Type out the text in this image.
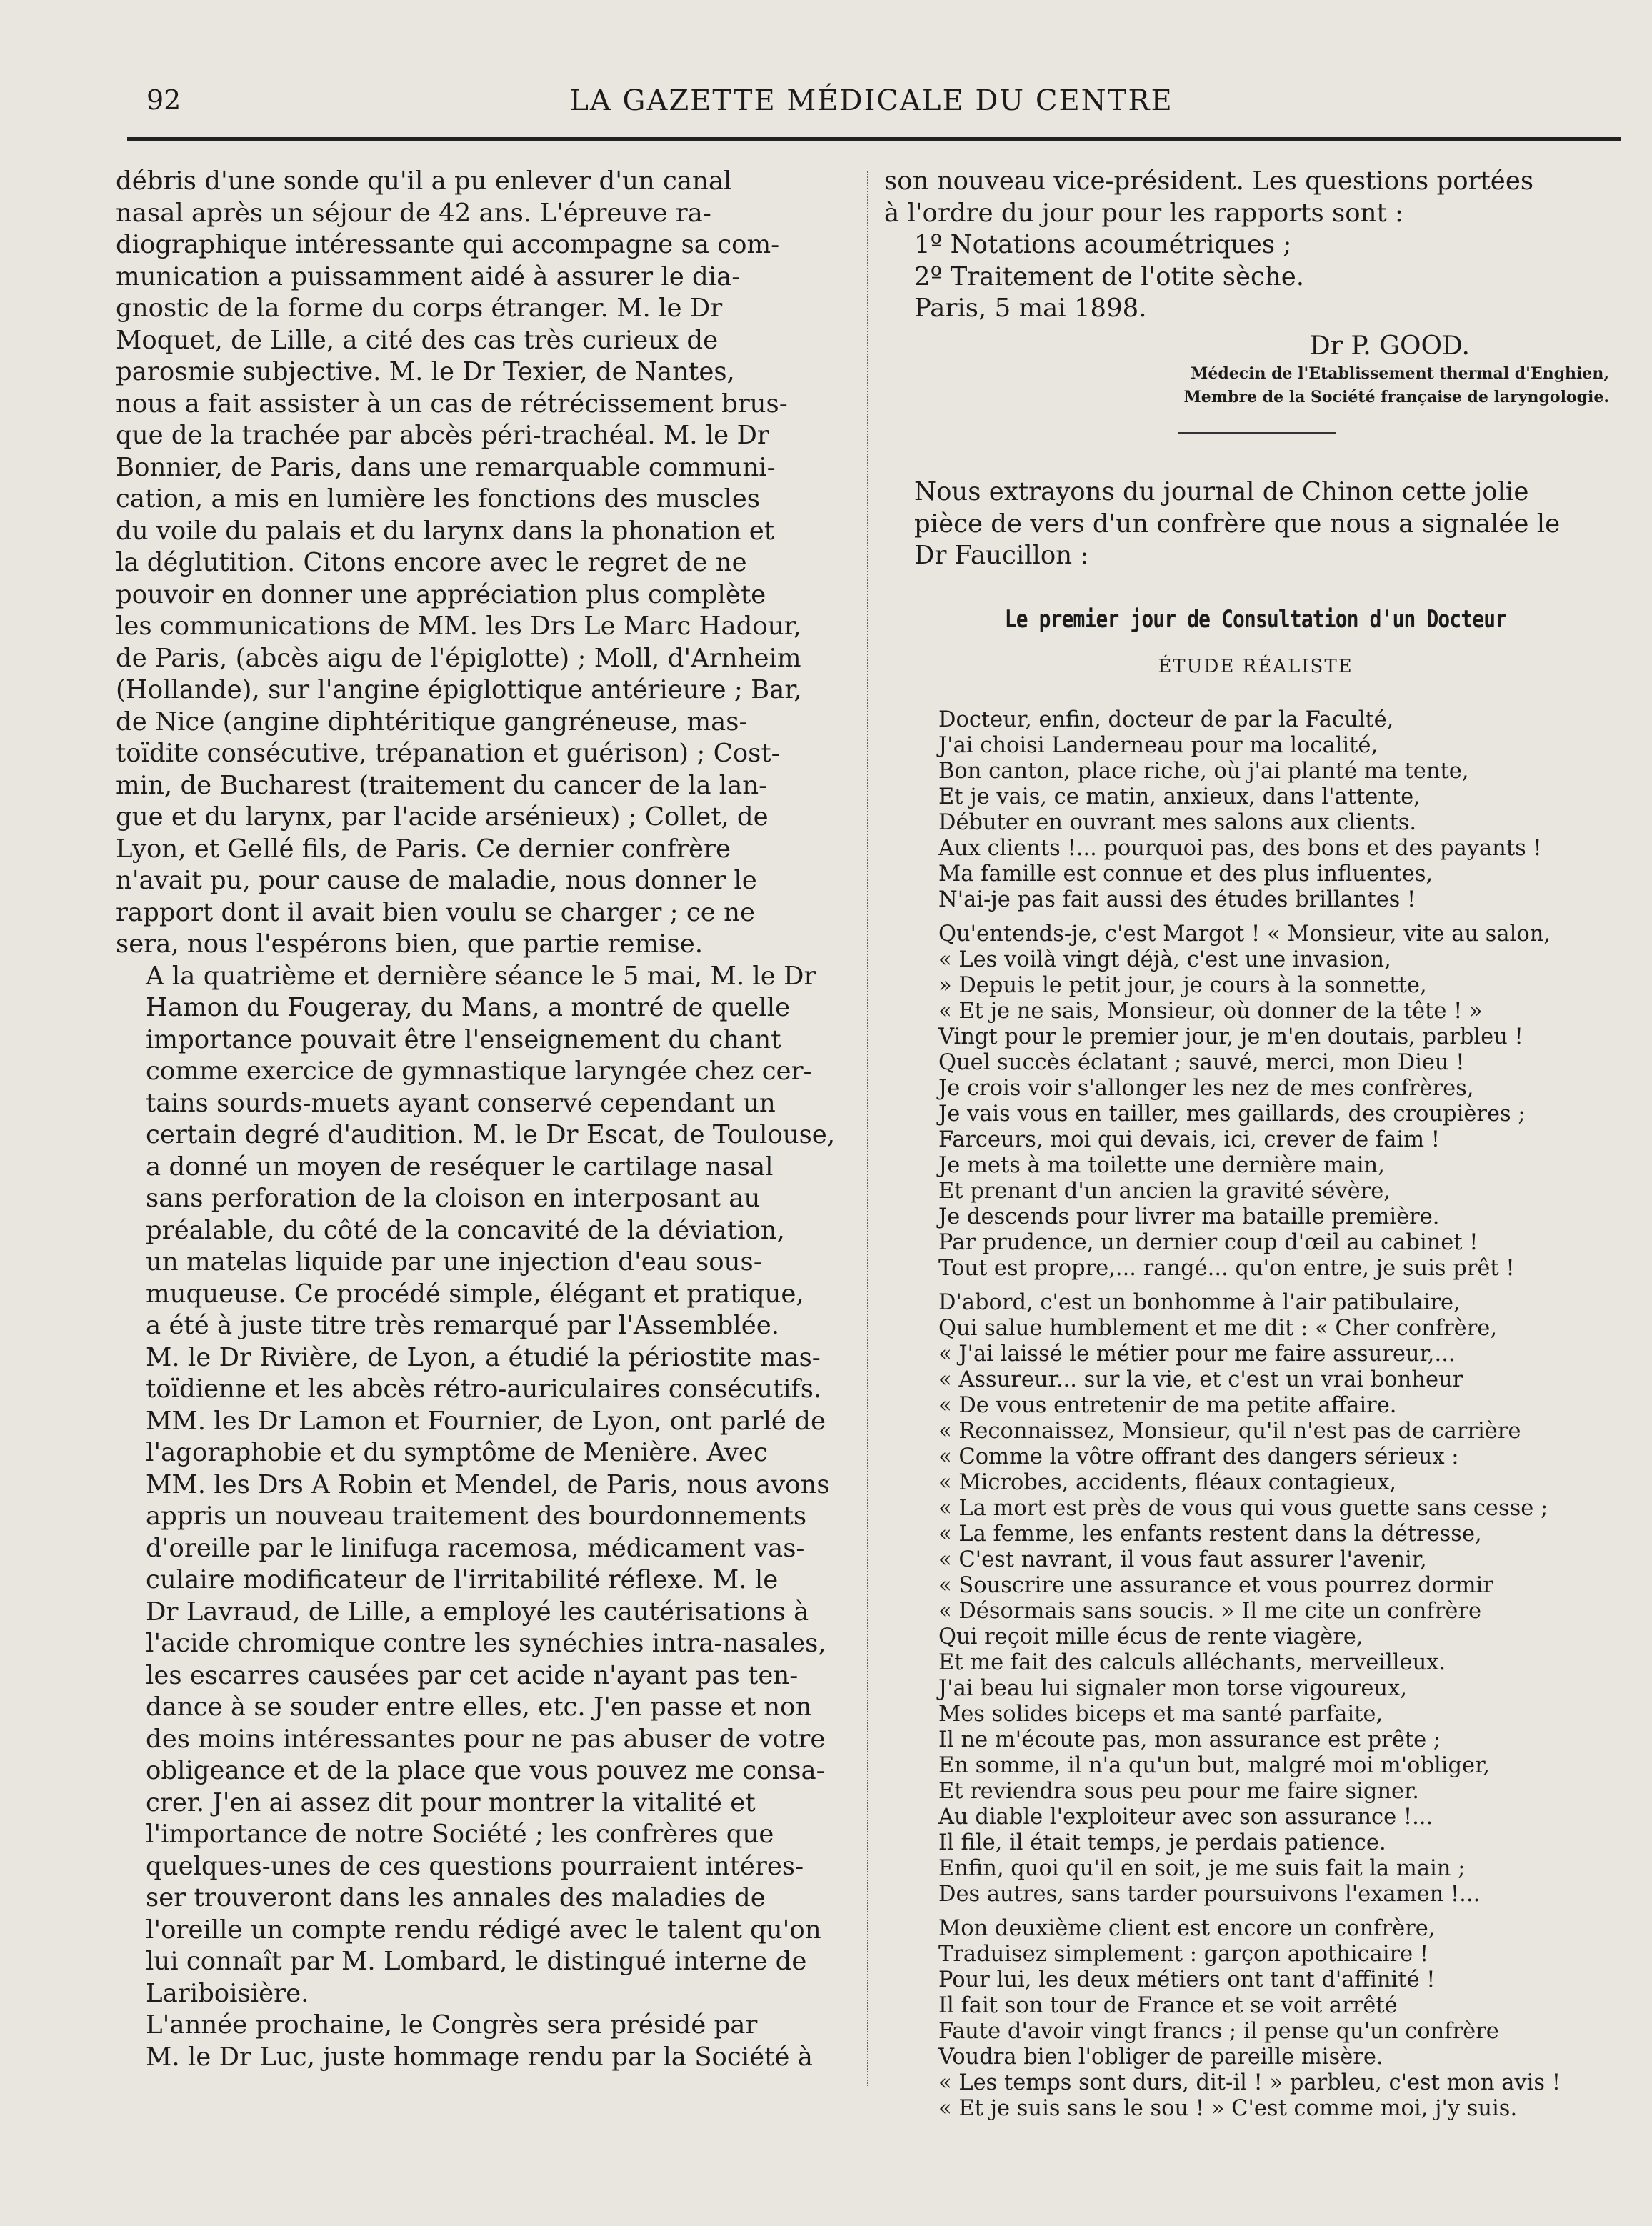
92	LA GAZETTE MÉDICALE DU CENTRE

débris d'une sonde qu'il a pu enlever d'un canal
nasal après un séjour de 42 ans. L'épreuve ra-
diographique intéressante qui accompagne sa com-
munication a puissamment aidé à assurer le dia-
gnostic de la forme du corps étranger. M. le Dr
Moquet, de Lille, a cité des cas très curieux de
parosmie subjective. M. le Dr Texier, de Nantes,
nous a fait assister à un cas de rétrécissement brus-
que de la trachée par abcès péri-trachéal. M. le Dr
Bonnier, de Paris, dans une remarquable communi-
cation, a mis en lumière les fonctions des muscles
du voile du palais et du larynx dans la phonation et
la déglutition. Citons encore avec le regret de ne
pouvoir en donner une appréciation plus complète
les communications de MM. les Drs Le Marc Hadour,
de Paris, (abcès aigu de l'épiglotte) ; Moll, d'Arnheim
(Hollande), sur l'angine épiglottique antérieure ; Bar,
de Nice (angine diphtéritique gangréneuse, mas-
toïdite consécutive, trépanation et guérison) ; Cost-
min, de Bucharest (traitement du cancer de la lan-
gue et du larynx, par l'acide arsénieux) ; Collet, de
Lyon, et Gellé fils, de Paris. Ce dernier confrère
n'avait pu, pour cause de maladie, nous donner le
rapport dont il avait bien voulu se charger ; ce ne
sera, nous l'espérons bien, que partie remise.

A la quatrième et dernière séance le 5 mai, M. le Dr
Hamon du Fougeray, du Mans, a montré de quelle
importance pouvait être l'enseignement du chant
comme exercice de gymnastique laryngée chez cer-
tains sourds-muets ayant conservé cependant un
certain degré d'audition. M. le Dr Escat, de Toulouse,
a donné un moyen de reséquer le cartilage nasal
sans perforation de la cloison en interposant au
préalable, du côté de la concavité de la déviation,
un matelas liquide par une injection d'eau sous-
muqueuse. Ce procédé simple, élégant et pratique,
a été à juste titre très remarqué par l'Assemblée.
M. le Dr Rivière, de Lyon, a étudié la périostite mas-
toïdienne et les abcès rétro-auriculaires consécutifs.
MM. les Dr Lamon et Fournier, de Lyon, ont parlé de
l'agoraphobie et du symptôme de Menière. Avec
MM. les Drs A Robin et Mendel, de Paris, nous avons
appris un nouveau traitement des bourdonnements
d'oreille par le linifuga racemosa, médicament vas-
culaire modificateur de l'irritabilité réflexe. M. le
Dr Lavraud, de Lille, a employé les cautérisations à
l'acide chromique contre les synéchies intra-nasales,
les escarres causées par cet acide n'ayant pas ten-
dance à se souder entre elles, etc. J'en passe et non
des moins intéressantes pour ne pas abuser de votre
obligeance et de la place que vous pouvez me consa-
crer. J'en ai assez dit pour montrer la vitalité et
l'importance de notre Société ; les confrères que
quelques-unes de ces questions pourraient intéres-
ser trouveront dans les annales des maladies de
l'oreille un compte rendu rédigé avec le talent qu'on
lui connaît par M. Lombard, le distingué interne de
Lariboisière.

L'année prochaine, le Congrès sera présidé par
M. le Dr Luc, juste hommage rendu par la Société à

son nouveau vice-président. Les questions portées
à l'ordre du jour pour les rapports sont :

1º Notations acoumétriques ;
2º Traitement de l'otite sèche.
Paris, 5 mai 1898.
Dr P. GOOD.
Médecin de l'Etablissement thermal d'Enghien,
Membre de la Société française de laryngologie.

Nous extrayons du journal de Chinon cette jolie
pièce de vers d'un confrère que nous a signalée le
Dr Faucillon :

Le premier jour de Consultation d'un Docteur
ÉTUDE RÉALISTE
Docteur, enfin, docteur de par la Faculté,
J'ai choisi Landerneau pour ma localité,
Bon canton, place riche, où j'ai planté ma tente,
Et je vais, ce matin, anxieux, dans l'attente,
Débuter en ouvrant mes salons aux clients.
Aux clients !... pourquoi pas, des bons et des payants !
Ma famille est connue et des plus influentes,
N'ai-je pas fait aussi des études brillantes !
Qu'entends-je, c'est Margot ! « Monsieur, vite au salon,
« Les voilà vingt déjà, c'est une invasion,
» Depuis le petit jour, je cours à la sonnette,
« Et je ne sais, Monsieur, où donner de la tête ! »
Vingt pour le premier jour, je m'en doutais, parbleu !
Quel succès éclatant ; sauvé, merci, mon Dieu !
Je crois voir s'allonger les nez de mes confrères,
Je vais vous en tailler, mes gaillards, des croupières ;
Farceurs, moi qui devais, ici, crever de faim !
Je mets à ma toilette une dernière main,
Et prenant d'un ancien la gravité sévère,
Je descends pour livrer ma bataille première.
Par prudence, un dernier coup d'œil au cabinet !
Tout est propre,... rangé... qu'on entre, je suis prêt !
D'abord, c'est un bonhomme à l'air patibulaire,
Qui salue humblement et me dit : « Cher confrère,
« J'ai laissé le métier pour me faire assureur,...
« Assureur... sur la vie, et c'est un vrai bonheur
« De vous entretenir de ma petite affaire.
« Reconnaissez, Monsieur, qu'il n'est pas de carrière
« Comme la vôtre offrant des dangers sérieux :
« Microbes, accidents, fléaux contagieux,
« La mort est près de vous qui vous guette sans cesse ;
« La femme, les enfants restent dans la détresse,
« C'est navrant, il vous faut assurer l'avenir,
« Souscrire une assurance et vous pourrez dormir
« Désormais sans soucis. » Il me cite un confrère
Qui reçoit mille écus de rente viagère,
Et me fait des calculs alléchants, merveilleux.
J'ai beau lui signaler mon torse vigoureux,
Mes solides biceps et ma santé parfaite,
Il ne m'écoute pas, mon assurance est prête ;
En somme, il n'a qu'un but, malgré moi m'obliger,
Et reviendra sous peu pour me faire signer.
Au diable l'exploiteur avec son assurance !...
Il file, il était temps, je perdais patience.
Enfin, quoi qu'il en soit, je me suis fait la main ;
Des autres, sans tarder poursuivons l'examen !...
Mon deuxième client est encore un confrère,
Traduisez simplement : garçon apothicaire !
Pour lui, les deux métiers ont tant d'affinité !
Il fait son tour de France et se voit arrêté
Faute d'avoir vingt francs ; il pense qu'un confrère
Voudra bien l'obliger de pareille misère.
« Les temps sont durs, dit-il ! » parbleu, c'est mon avis !
« Et je suis sans le sou ! » C'est comme moi, j'y suis.
